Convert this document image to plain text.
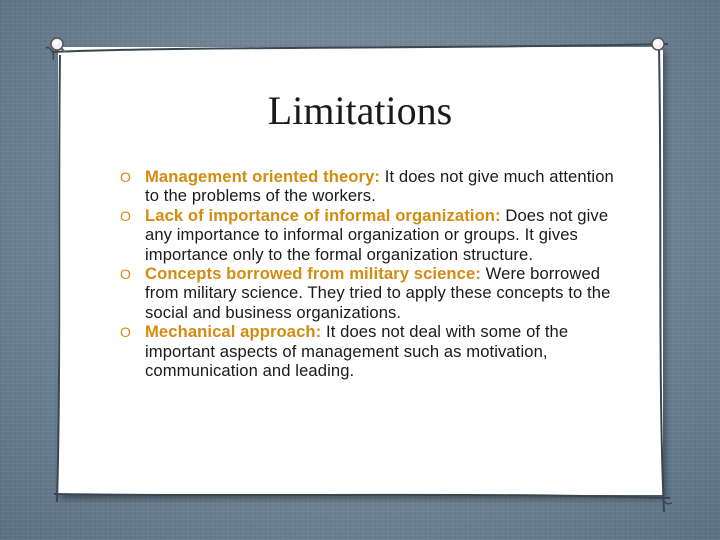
Limitations
O Management oriented theory: It does not give much attention to the problems of the workers.
O Lack of importance of informal organization: Does not give any importance to informal organization or groups. It gives importance only to the formal organization structure.
O Concepts borrowed from military science: Were borrowed from military science. They tried to apply these concepts to the social and business organizations.
O Mechanical approach: It does not deal with some of the important aspects of management such as motivation, communication and leading.
